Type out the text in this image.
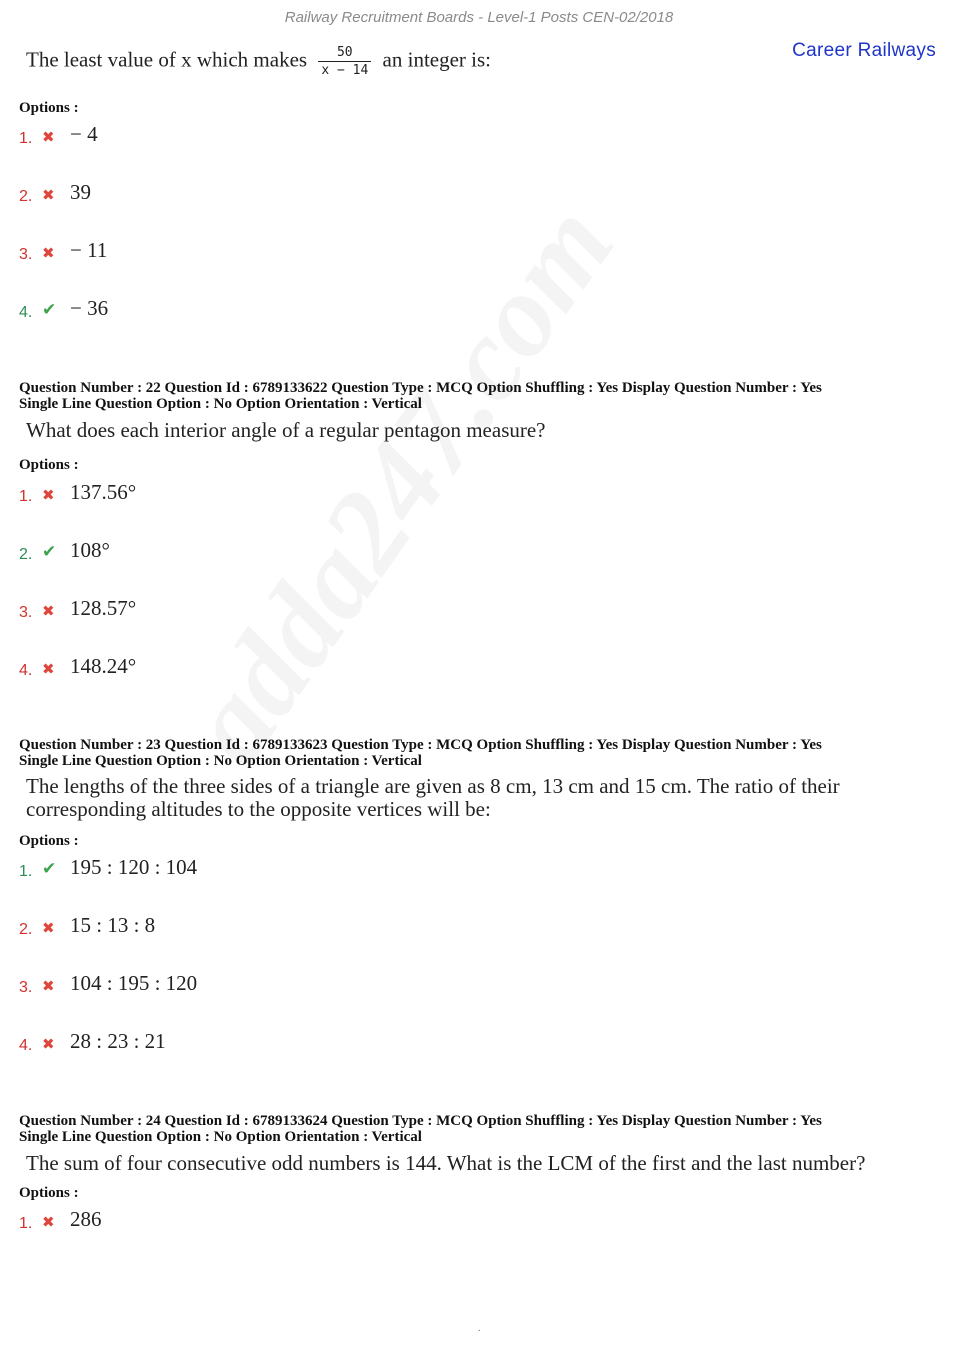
Railway Recruitment Boards - Level-1 Posts CEN-02/2018
Career Railways
The least value of x which makes $\frac{50}{x - 14}$ an integer is:
Options :
1. ✖ − 4
2. ✖ 39
3. ✖ − 11
4. ✔ − 36
Question Number : 22 Question Id : 6789133622 Question Type : MCQ Option Shuffling : Yes Display Question Number : Yes
Single Line Question Option : No Option Orientation : Vertical
What does each interior angle of a regular pentagon measure?
Options :
1. ✖ 137.56°
2. ✔ 108°
3. ✖ 128.57°
4. ✖ 148.24°
Question Number : 23 Question Id : 6789133623 Question Type : MCQ Option Shuffling : Yes Display Question Number : Yes
Single Line Question Option : No Option Orientation : Vertical
The lengths of the three sides of a triangle are given as 8 cm, 13 cm and 15 cm. The ratio of their corresponding altitudes to the opposite vertices will be:
Options :
1. ✔ 195 : 120 : 104
2. ✖ 15 : 13 : 8
3. ✖ 104 : 195 : 120
4. ✖ 28 : 23 : 21
Question Number : 24 Question Id : 6789133624 Question Type : MCQ Option Shuffling : Yes Display Question Number : Yes
Single Line Question Option : No Option Orientation : Vertical
The sum of four consecutive odd numbers is 144. What is the LCM of the first and the last number?
Options :
1. ✖ 286
.
